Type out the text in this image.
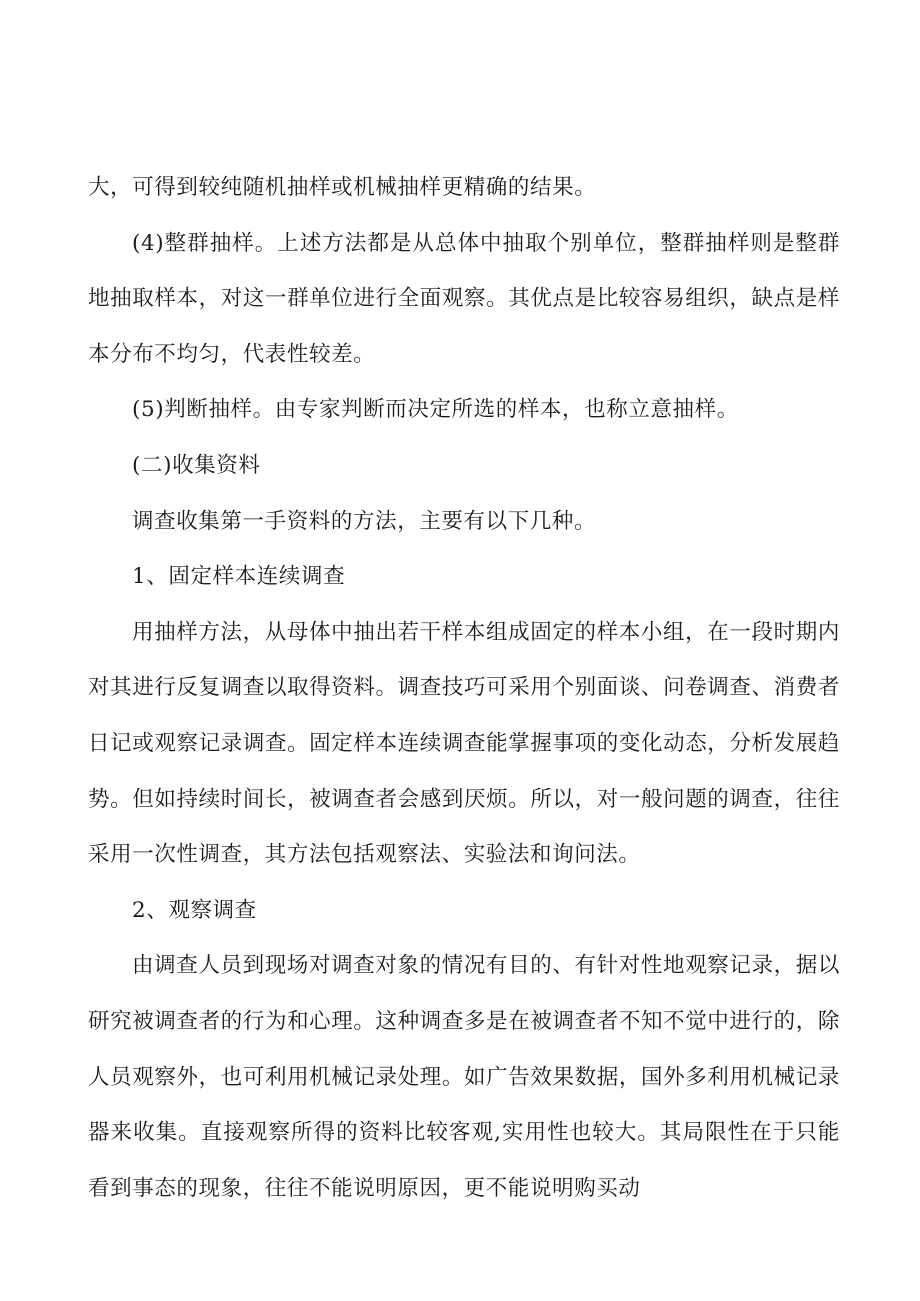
大，可得到较纯随机抽样或机械抽样更精确的结果。

(4)整群抽样。上述方法都是从总体中抽取个别单位，整群抽样则是整群地抽取样本，对这一群单位进行全面观察。其优点是比较容易组织，缺点是样本分布不均匀，代表性较差。

(5)判断抽样。由专家判断而决定所选的样本，也称立意抽样。

(二)收集资料

调查收集第一手资料的方法，主要有以下几种。

1、固定样本连续调查

用抽样方法，从母体中抽出若干样本组成固定的样本小组，在一段时期内对其进行反复调查以取得资料。调查技巧可采用个别面谈、问卷调查、消费者日记或观察记录调查。固定样本连续调查能掌握事项的变化动态，分析发展趋势。但如持续时间长，被调查者会感到厌烦。所以，对一般问题的调查，往往采用一次性调查，其方法包括观察法、实验法和询问法。

2、观察调查

由调查人员到现场对调查对象的情况有目的、有针对性地观察记录，据以研究被调查者的行为和心理。这种调查多是在被调查者不知不觉中进行的，除人员观察外，也可利用机械记录处理。如广告效果数据，国外多利用机械记录器来收集。直接观察所得的资料比较客观,实用性也较大。其局限性在于只能看到事态的现象，往往不能说明原因，更不能说明购买动
